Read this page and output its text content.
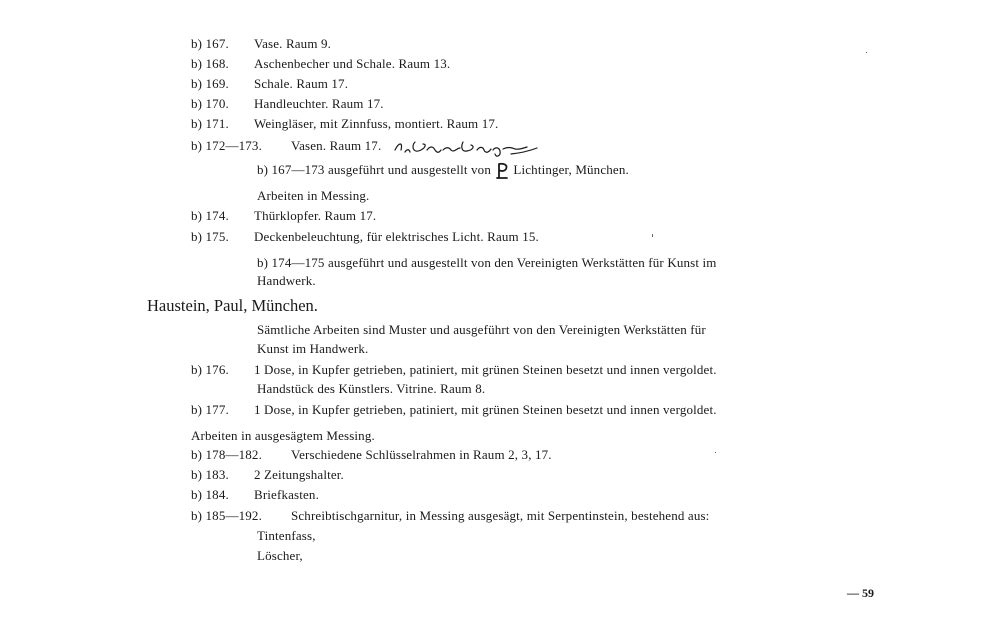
b) 167. Vase. Raum 9.
b) 168. Aschenbecher und Schale. Raum 13.
b) 169. Schale. Raum 17.
b) 170. Handleuchter. Raum 17.
b) 171. Weingläser, mit Zinnfuss, montiert. Raum 17.
b) 172—173. Vasen. Raum 17.
b) 167—173 ausgeführt und ausgestellt von Lichtinger, München.
Arbeiten in Messing.
b) 174. Thürklopfer. Raum 17.
b) 175. Deckenbeleuchtung, für elektrisches Licht. Raum 15.
b) 174—175 ausgeführt und ausgestellt von den Vereinigten Werkstätten für Kunst im
Handwerk.
Haustein, Paul, München.
Sämtliche Arbeiten sind Muster und ausgeführt von den Vereinigten Werkstätten für
Kunst im Handwerk.
b) 176. 1 Dose, in Kupfer getrieben, patiniert, mit grünen Steinen besetzt und innen vergoldet.
Handstück des Künstlers. Vitrine. Raum 8.
b) 177. 1 Dose, in Kupfer getrieben, patiniert, mit grünen Steinen besetzt und innen vergoldet.
Arbeiten in ausgesägtem Messing.
b) 178—182. Verschiedene Schlüsselrahmen in Raum 2, 3, 17.
b) 183. 2 Zeitungshalter.
b) 184. Briefkasten.
b) 185—192. Schreibtischgarnitur, in Messing ausgesägt, mit Serpentinstein, bestehend aus:
Tintenfass,
Löscher,
— 59
